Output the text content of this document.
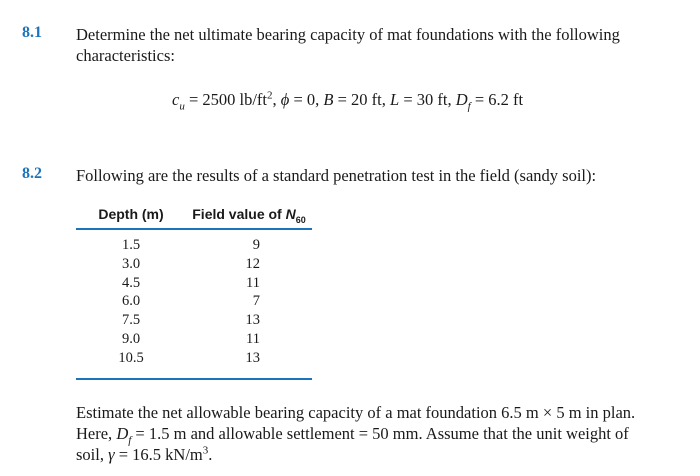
8.1 Determine the net ultimate bearing capacity of mat foundations with the following characteristics:
$c_u = 2500$ $lb/ft^2$, ϕ = 0, B = 20 ft, L = 30 ft, $D_f = 6.2$ ft
8.2 Following are the results of a standard penetration test in the field (sandy soil):
Depth (m)	Field value of $N_{60}$
1.5	9
3.0	12
4.5	11
6.0	7
7.5	13
9.0	11
10.5	13
Estimate the net allowable bearing capacity of a mat foundation 6.5 m × 5 m in plan.
Here, $D_f = 1.5$ m and allowable settlement = 50 mm. Assume that the unit weight of
soil, γ = 16.5 $kN/m^3$.
